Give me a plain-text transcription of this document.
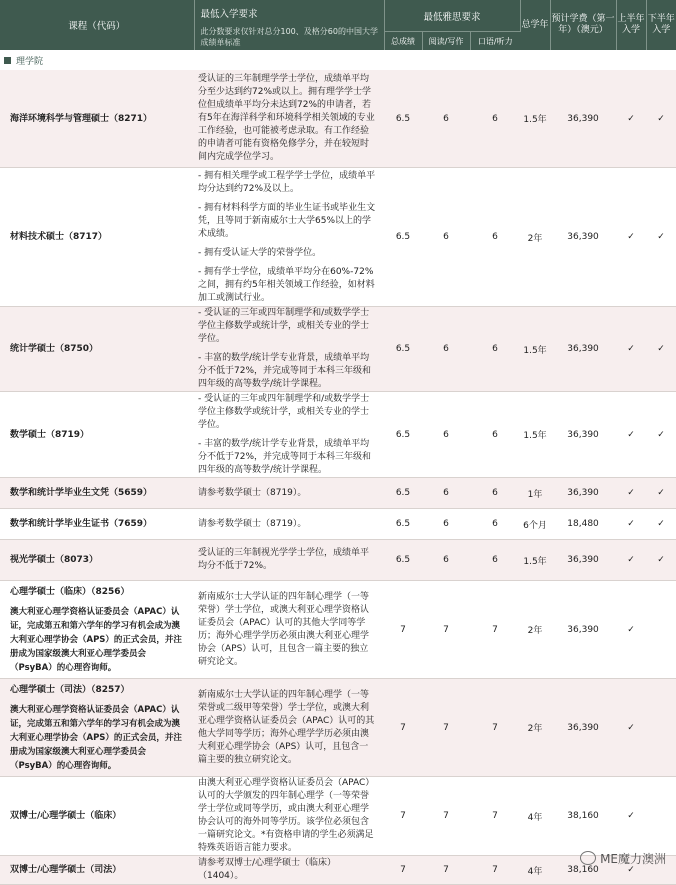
课程（代码）	最低入学要求
此分数要求仅针对总分100、及格分60的中国大学成绩单标准	最低雅思要求			总学年	预计学费（第一年）（澳元）	上半年入学	下半年入学
		总成绩	阅读/写作	口语/听力				
理学院								

海洋环境科学与管理硕士（8271）	受认证的三年制理学学士学位，成绩单平均分至少达到约72%或以上。拥有理学学士学位但成绩单平均分未达到72%的申请者，若有5年在海洋科学和环境科学相关领域的专业工作经验，也可能被考虑录取。有工作经验的申请者可能有资格免修学分，并在较短时间内完成学位学习。	6.5	6	6	1.5年	36,390	✓	✓

材料技术硕士（8717）	- 拥有相关理学或工程学学士学位，成绩单平均分达到约72%及以上。

- 拥有材料科学方面的毕业生证书或毕业生文凭，且等同于新南威尔士大学65%以上的学术成绩。

- 拥有受认证大学的荣誉学位。

- 拥有学士学位，成绩单平均分在60%-72%之间，拥有约5年相关领域工作经验，如材料加工或测试行业。	6.5	6	6	2年	36,390	✓	✓

统计学硕士（8750）	- 受认证的三年或四年制理学和/或数学学士学位主修数学或统计学，或相关专业的学士学位。

- 丰富的数学/统计学专业背景，成绩单平均分不低于72%，并完成等同于本科三年级和四年级的高等数学/统计学课程。	6.5	6	6	1.5年	36,390	✓	✓

数学硕士（8719）	- 受认证的三年或四年制理学和/或数学学士学位主修数学或统计学，或相关专业的学士学位。

- 丰富的数学/统计学专业背景，成绩单平均分不低于72%，并完成等同于本科三年级和四年级的高等数学/统计学课程。	6.5	6	6	1.5年	36,390	✓	✓

数学和统计学毕业生文凭（5659）	请参考数学硕士（8719）。	6.5	6	6	1年	36,390	✓	✓

数学和统计学毕业生证书（7659）	请参考数学硕士（8719）。	6.5	6	6	6个月	18,480	✓	✓

视光学硕士（8073）	受认证的三年制视光学学士学位，成绩单平均分不低于72%。	6.5	6	6	1.5年	36,390	✓	✓

心理学硕士（临床）（8256）
澳大利亚心理学资格认证委员会（APAC）认证，完成第五和第六学年的学习有机会成为澳大利亚心理学协会（APS）的正式会员，并注册成为国家级澳大利亚心理学委员会（PsyBA）的心理咨询师。	新南威尔士大学认证的四年制心理学（一等荣誉）学士学位，或澳大利亚心理学资格认证委员会（APAC）认可的其他大学同等学历；海外心理学学历必须由澳大利亚心理学协会（APS）认可，且包含一篇主要的独立研究论文。	7	7	7	2年	36,390	✓	

心理学硕士（司法）（8257）
澳大利亚心理学资格认证委员会（APAC）认证，完成第五和第六学年的学习有机会成为澳大利亚心理学协会（APS）的正式会员，并注册成为国家级澳大利亚心理学委员会（PsyBA）的心理咨询师。	新南威尔士大学认证的四年制心理学（一等荣誉或二级甲等荣誉）学士学位，或澳大利亚心理学资格认证委员会（APAC）认可的其他大学同等学历；海外心理学学历必须由澳大利亚心理学协会（APS）认可，且包含一篇主要的独立研究论文。	7	7	7	2年	36,390	✓	

双博士/心理学硕士（临床）	由澳大利亚心理学资格认证委员会（APAC）认可的大学颁发的四年制心理学（一等荣誉学士学位或同等学历，或由澳大利亚心理学协会认可的海外同等学历。该学位必须包含一篇研究论文。*有资格申请的学生必须满足特殊英语语言能力要求。	7	7	7	4年	38,160	✓	

双博士/心理学硕士（司法）	请参考双博士/心理学硕士（临床）（1404）。	7	7	7	4年	38,160	✓	
ME魔力澳洲
